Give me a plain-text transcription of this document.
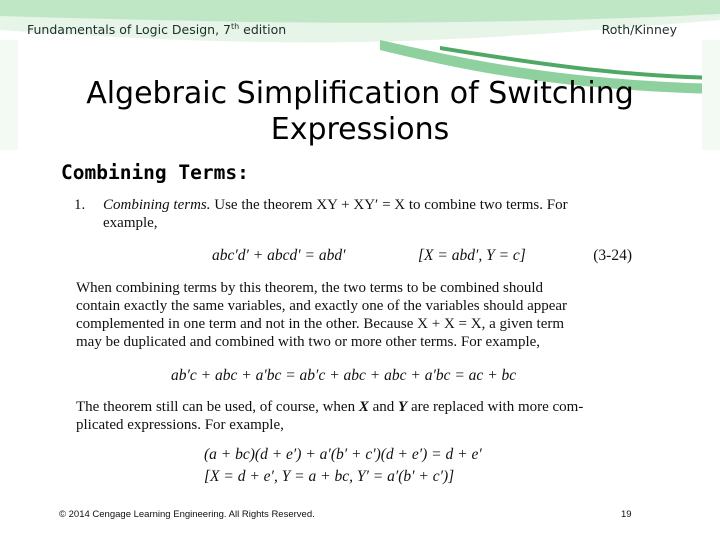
Fundamentals of Logic Design, 7th edition	Roth/Kinney
Algebraic Simplification of Switching
Expressions
Combining Terms:
1. Combining terms. Use the theorem XY + XY′ = X to combine two terms. For
example,
abc′d′ + abcd′ = abd′	[X = abd′, Y = c]	(3-24)
When combining terms by this theorem, the two terms to be combined should
contain exactly the same variables, and exactly one of the variables should appear
complemented in one term and not in the other. Because X + X = X, a given term
may be duplicated and combined with two or more other terms. For example,
ab′c + abc + a′bc = ab′c + abc + abc + a′bc = ac + bc
The theorem still can be used, of course, when X and Y are replaced with more com-
plicated expressions. For example,
(a + bc)(d + e′) + a′(b′ + c′)(d + e′) = d + e′
[X = d + e′, Y = a + bc, Y′ = a′(b′ + c′)]
© 2014 Cengage Learning Engineering. All Rights Reserved.	19
